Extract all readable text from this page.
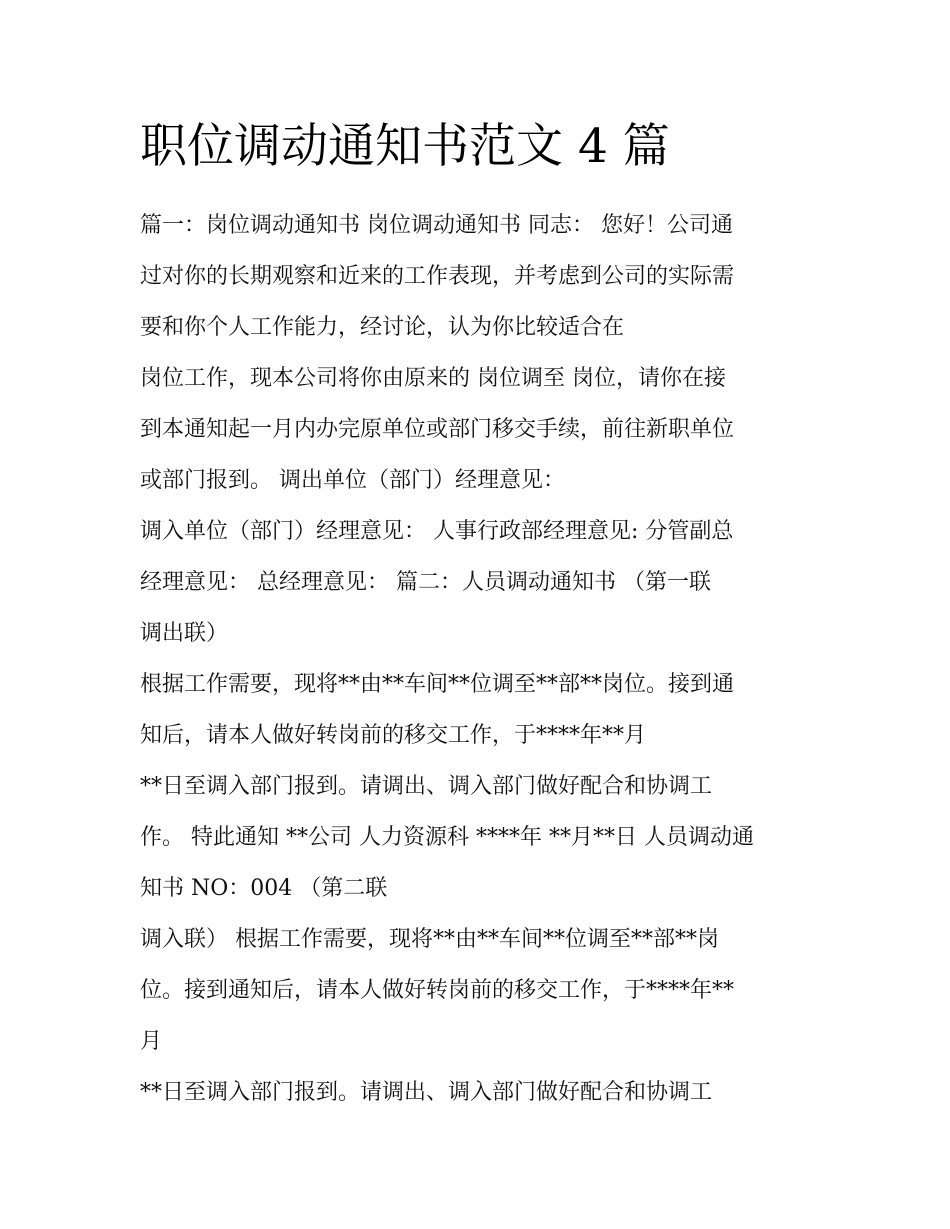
职位调动通知书范文 4 篇

篇一：岗位调动通知书 岗位调动通知书 同志： 您好！公司通

过对你的长期观察和近来的工作表现，并考虑到公司的实际需

要和你个人工作能力，经讨论，认为你比较适合在

岗位工作，现本公司将你由原来的 岗位调至 岗位，请你在接

到本通知起一月内办完原单位或部门移交手续，前往新职单位

或部门报到。 调出单位（部门）经理意见：

调入单位（部门）经理意见： 人事行政部经理意见: 分管副总

经理意见： 总经理意见： 篇二：人员调动通知书 （第一联

调出联）

根据工作需要，现将**由**车间**位调至**部**岗位。接到通

知后，请本人做好转岗前的移交工作，于****年**月

**日至调入部门报到。请调出、调入部门做好配合和协调工

作。 特此通知 **公司 人力资源科 ****年 **月**日 人员调动通

知书 NO：004 （第二联

调入联） 根据工作需要，现将**由**车间**位调至**部**岗

位。接到通知后，请本人做好转岗前的移交工作，于****年**

月

**日至调入部门报到。请调出、调入部门做好配合和协调工
